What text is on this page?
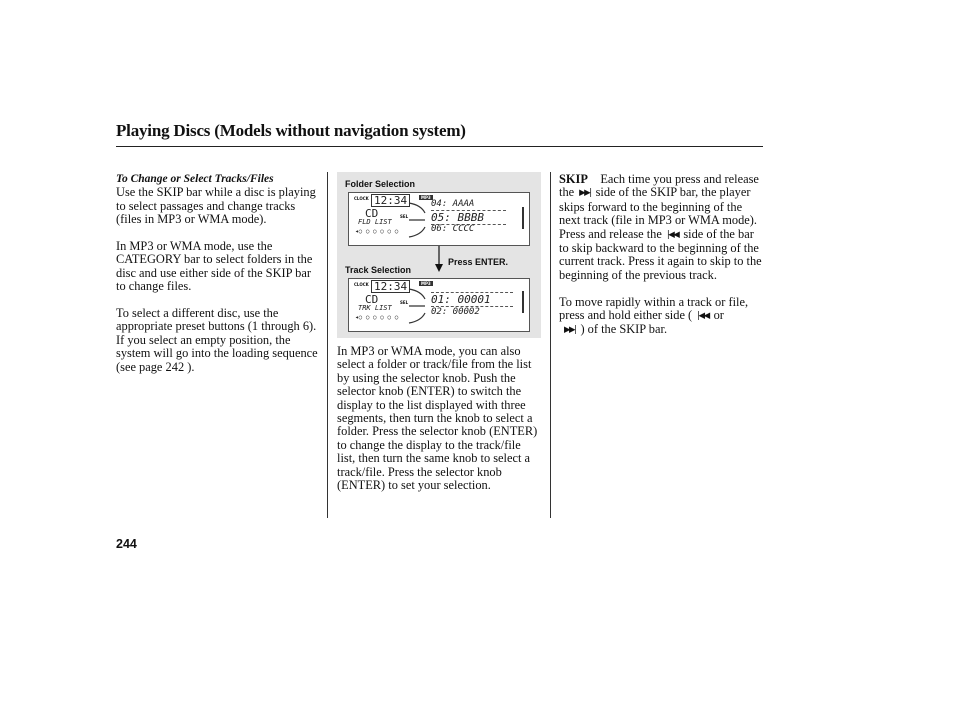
Playing Discs (Models without navigation system)
To Change or Select Tracks/Files

Use the SKIP bar while a disc is playing to select passages and change tracks (files in MP3 or WMA mode).

In MP3 or WMA mode, use the CATEGORY bar to select folders in the disc and use either side of the SKIP bar to change files.

To select a different disc, use the appropriate preset buttons (1 through 6). If you select an empty position, the system will go into the loading sequence (see page 242 ).

Folder Selection
CLOCK 12:34
CD
FLD LIST
◂○ ○ ○ ○ ○ ○
SEL
MP3
04: AAAA
05: BBBB
06: CCCC
Press ENTER.
Track Selection
CLOCK 12:34
CD
TRK LIST
◂○ ○ ○ ○ ○ ○
SEL
MP3
01: 00001
02: 00002

In MP3 or WMA mode, you can also select a folder or track/file from the list by using the selector knob. Push the selector knob (ENTER) to switch the display to the list displayed with three segments, then turn the knob to select a folder. Press the selector knob (ENTER) to change the display to the track/file list, then turn the same knob to select a track/file. Press the selector knob (ENTER) to set your selection.

SKIP Each time you press and release the ▶▶| side of the SKIP bar, the player skips forward to the beginning of the next track (file in MP3 or WMA mode). Press and release the |◀◀ side of the bar to skip backward to the beginning of the current track. Press it again to skip to the beginning of the previous track.

To move rapidly within a track or file, press and hold either side ( |◀◀ or
▶▶| ) of the SKIP bar.

244
